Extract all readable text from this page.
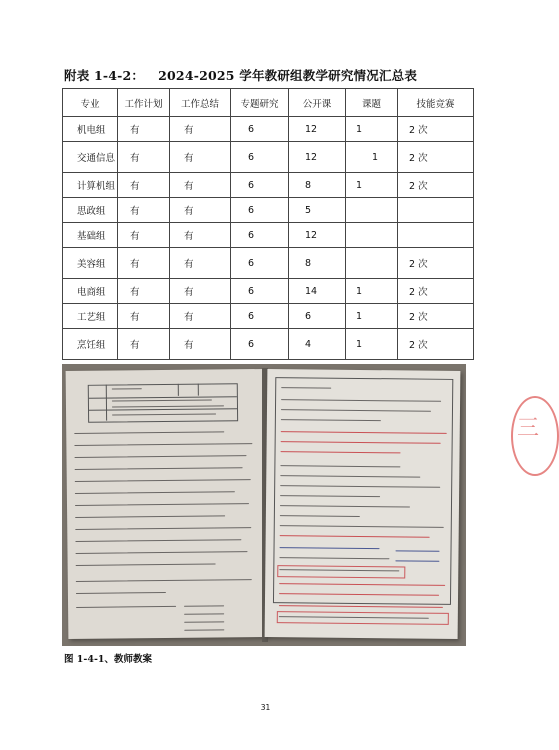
附表 1-4-2： 2024-2025 学年教研组教学研究情况汇总表
专业	工作计划	工作总结	专题研究	公开课	课题	技能竞赛
机电组	有	有	6	12	1	2 次
交通信息	有	有	6	12	1	2 次
计算机组	有	有	6	8	1	2 次
思政组	有	有	6	5		
基础组	有	有	6	12		
美容组	有	有	6	8		2 次
电商组	有	有	6	14	1	2 次
工艺组	有	有	6	6	1	2 次
烹饪组	有	有	6	4	1	2 次
三
图 1-4-1、教师教案
31
